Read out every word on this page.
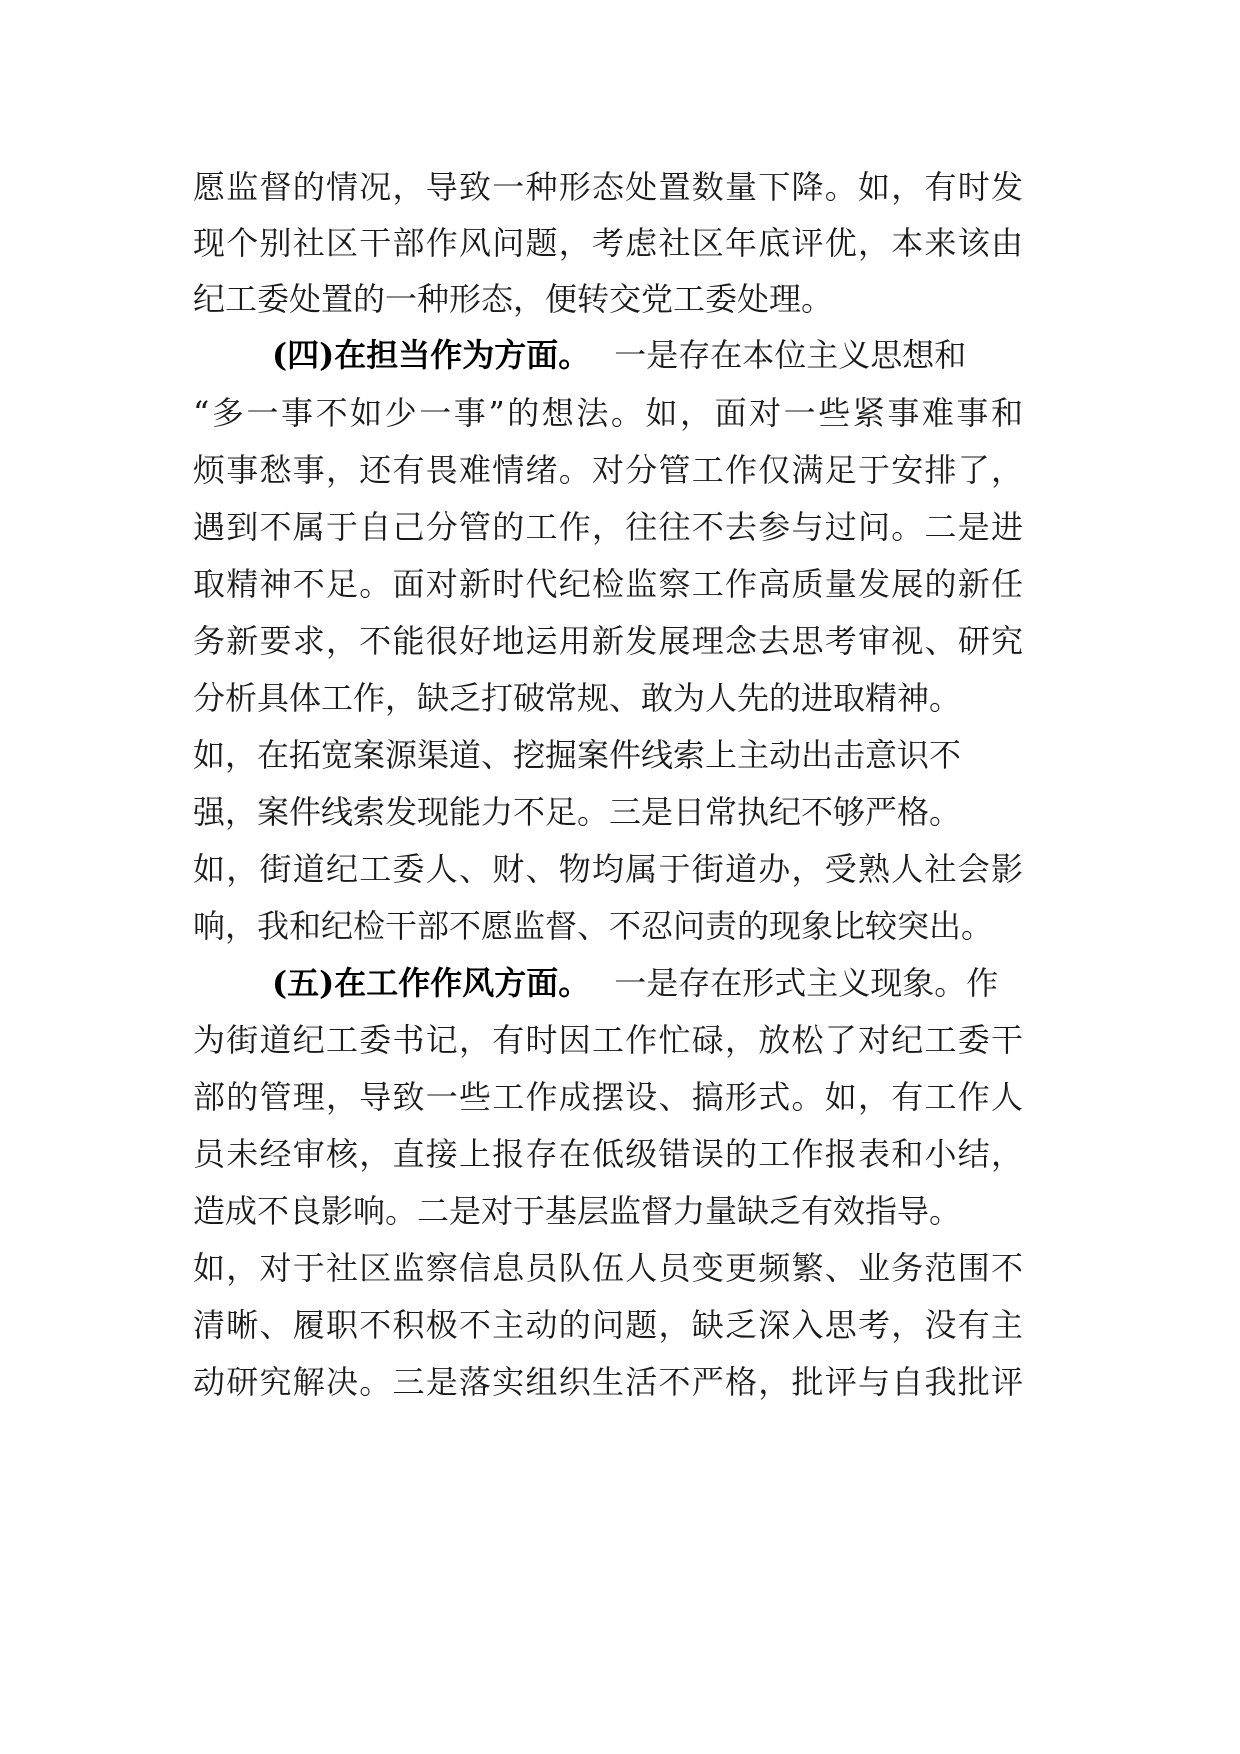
愿监督的情况，导致一种形态处置数量下降。如，有时发
现个别社区干部作风问题，考虑社区年底评优，本来该由
纪工委处置的一种形态，便转交党工委处理。
(四)在担当作为方面。 一是存在本位主义思想和
“多一事不如少一事”的想法。如，面对一些紧事难事和
烦事愁事，还有畏难情绪。对分管工作仅满足于安排了，
遇到不属于自己分管的工作，往往不去参与过问。二是进
取精神不足。面对新时代纪检监察工作高质量发展的新任
务新要求，不能很好地运用新发展理念去思考审视、研究
分析具体工作，缺乏打破常规、敢为人先的进取精神。
如，在拓宽案源渠道、挖掘案件线索上主动出击意识不
强，案件线索发现能力不足。三是日常执纪不够严格。
如，街道纪工委人、财、物均属于街道办，受熟人社会影
响，我和纪检干部不愿监督、不忍问责的现象比较突出。
(五)在工作作风方面。 一是存在形式主义现象。作
为街道纪工委书记，有时因工作忙碌，放松了对纪工委干
部的管理，导致一些工作成摆设、搞形式。如，有工作人
员未经审核，直接上报存在低级错误的工作报表和小结，
造成不良影响。二是对于基层监督力量缺乏有效指导。
如，对于社区监察信息员队伍人员变更频繁、业务范围不
清晰、履职不积极不主动的问题，缺乏深入思考，没有主
动研究解决。三是落实组织生活不严格，批评与自我批评
